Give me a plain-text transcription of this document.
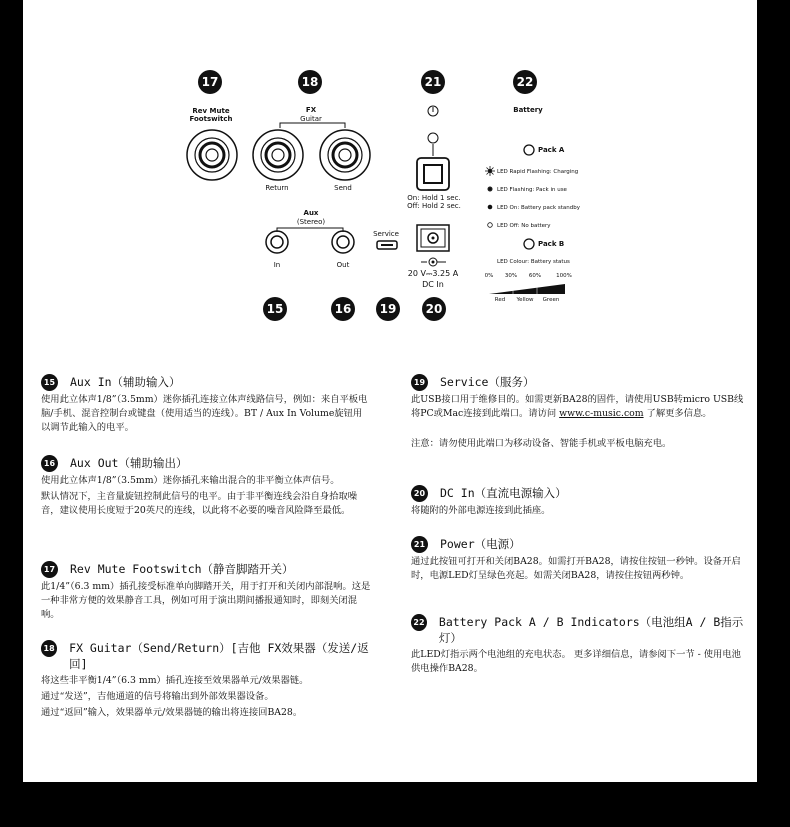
17	18	21	22
15	16	19	20
Rev Mute
Footswitch
FX
Guitar
Return	Send
Aux
(Stereo)
In	Out
Service
On: Hold 1 sec.
Off: Hold 2 sec.
20 V⎓3.25 A
DC In
Battery
Pack A
Pack B
LED Rapid Flashing: Charging
LED Flashing: Pack in use
LED On: Battery pack standby
LED Off: No battery
LED Colour: Battery status
0%	30%	60%	100%
Red	Yellow	Green
15 Aux In（辅助输入）

使用此立体声1/8”（3.5mm）迷你插孔连接立体声线路信号，例如：来自平板电脑/手机、混音控制台或键盘（使用适当的连线）。BT / Aux In Volume旋钮用以调节此输入的电平。

16 Aux Out（辅助输出）

使用此立体声1/8”（3.5mm）迷你插孔来输出混合的非平衡立体声信号。

默认情况下，主音量旋钮控制此信号的电平。由于非平衡连线会沿自身拾取噪音，建议使用长度短于20英尺的连线，以此将不必要的噪音风险降至最低。

17 Rev Mute Footswitch（静音脚踏开关）

此1/4”（6.3 mm）插孔接受标准单向脚踏开关，用于打开和关闭内部混响。这是一种非常方便的效果静音工具，例如可用于演出期间播报通知时，即刻关闭混响。

18 FX Guitar（Send/Return）[吉他 FX效果器（发送/返回]

将这些非平衡1/4”（6.3 mm）插孔连接至效果器单元/效果器链。

通过“发送”，吉他通道的信号将输出到外部效果器设备。

通过“返回”输入，效果器单元/效果器链的输出将连接回BA28。

19 Service（服务）

此USB接口用于维修目的。如需更新BA28的固件，请使用USB转micro USB线将PC或Mac连接到此端口。请访问 www.c-music.com 了解更多信息。

注意：请勿使用此端口为移动设备、智能手机或平板电脑充电。

20 DC In（直流电源输入）

将随附的外部电源连接到此插座。

21 Power（电源）

通过此按钮可打开和关闭BA28。如需打开BA28，请按住按钮一秒钟。设备开启时，电源LED灯呈绿色亮起。如需关闭BA28，请按住按钮两秒钟。

22 Battery Pack A / B Indicators（电池组A / B指示灯）

此LED灯指示两个电池组的充电状态。 更多详细信息，请参阅下一节 - 使用电池供电操作BA28。
